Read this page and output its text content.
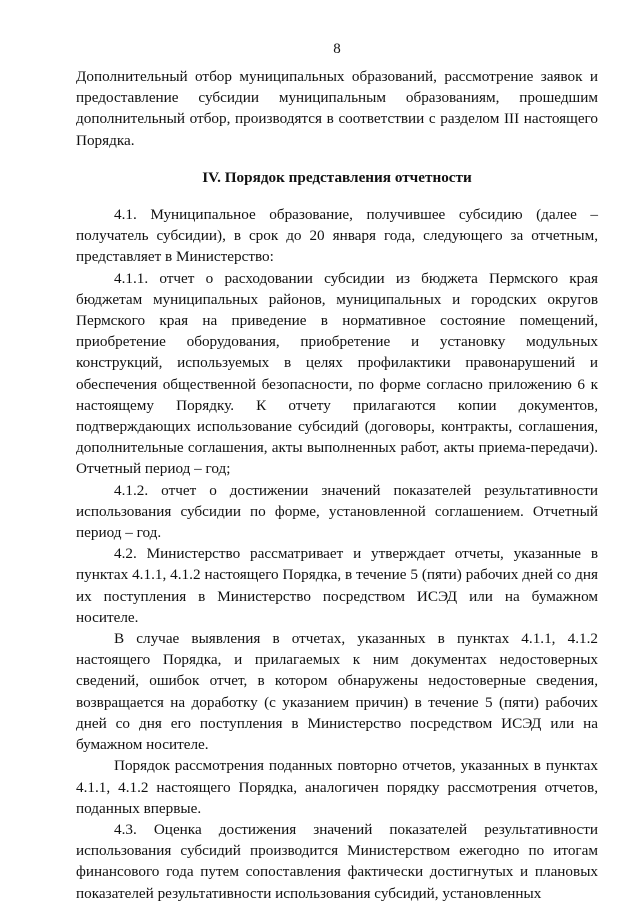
8

Дополнительный отбор муниципальных образований, рассмотрение заявок и предоставление субсидии муниципальным образованиям, прошедшим дополнительный отбор, производятся в соответствии с разделом III настоящего Порядка.

IV. Порядок представления отчетности

4.1. Муниципальное образование, получившее субсидию (далее – получатель субсидии), в срок до 20 января года, следующего за отчетным, представляет в Министерство:

4.1.1. отчет о расходовании субсидии из бюджета Пермского края бюджетам муниципальных районов, муниципальных и городских округов Пермского края на приведение в нормативное состояние помещений, приобретение оборудования, приобретение и установку модульных конструкций, используемых в целях профилактики правонарушений и обеспечения общественной безопасности, по форме согласно приложению 6 к настоящему Порядку. К отчету прилагаются копии документов, подтверждающих использование субсидий (договоры, контракты, соглашения, дополнительные соглашения, акты выполненных работ, акты приема-передачи). Отчетный период – год;

4.1.2. отчет о достижении значений показателей результативности использования субсидии по форме, установленной соглашением. Отчетный период – год.

4.2. Министерство рассматривает и утверждает отчеты, указанные в пунктах 4.1.1, 4.1.2 настоящего Порядка, в течение 5 (пяти) рабочих дней со дня их поступления в Министерство посредством ИСЭД или на бумажном носителе.

В случае выявления в отчетах, указанных в пунктах 4.1.1, 4.1.2 настоящего Порядка, и прилагаемых к ним документах недостоверных сведений, ошибок отчет, в котором обнаружены недостоверные сведения, возвращается на доработку (с указанием причин) в течение 5 (пяти) рабочих дней со дня его поступления в Министерство посредством ИСЭД или на бумажном носителе.

Порядок рассмотрения поданных повторно отчетов, указанных в пунктах 4.1.1, 4.1.2 настоящего Порядка, аналогичен порядку рассмотрения отчетов, поданных впервые.

4.3. Оценка достижения значений показателей результативности использования субсидий производится Министерством ежегодно по итогам финансового года путем сопоставления фактически достигнутых и плановых показателей результативности использования субсидий, установленных
